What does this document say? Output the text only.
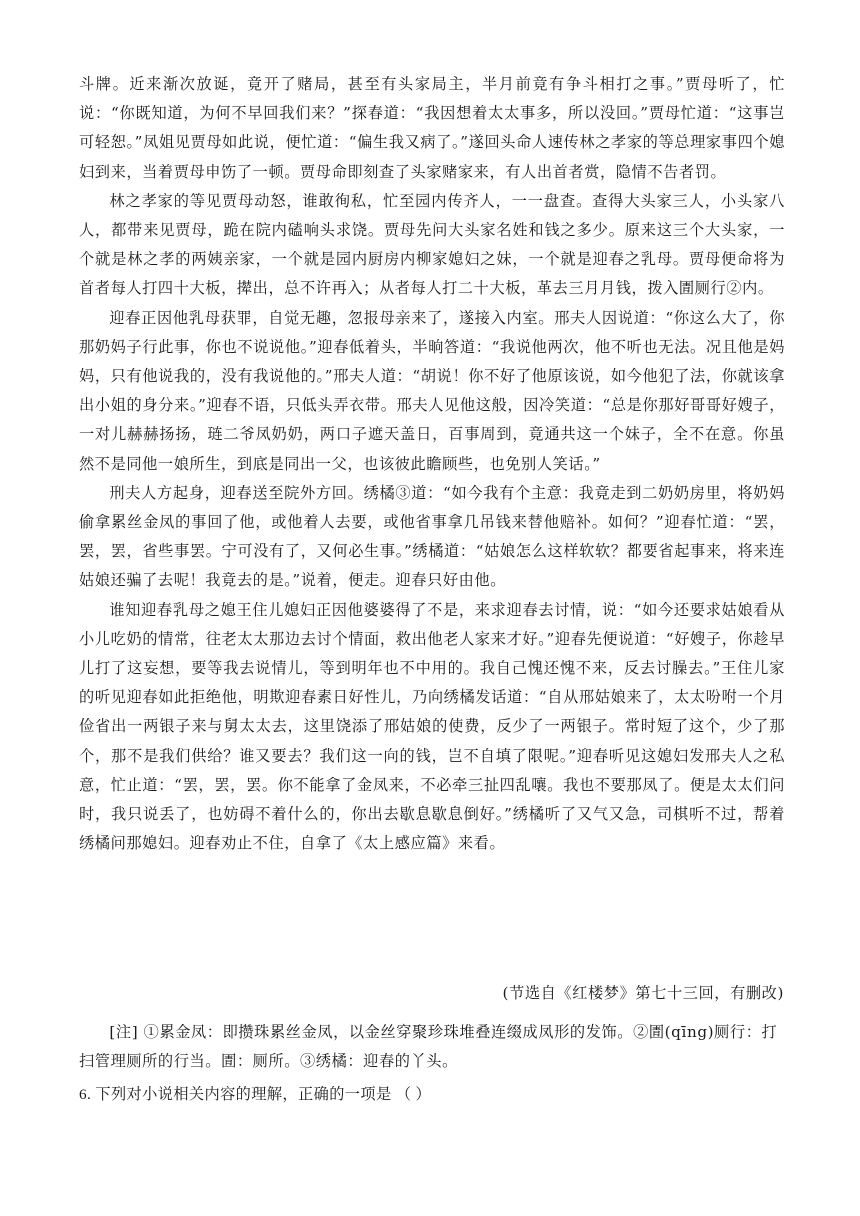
斗牌。近来渐次放诞，竟开了赌局，甚至有头家局主，半月前竟有争斗相打之事。”贾母听了，忙说：“你既知道，为何不早回我们来？”探春道：“我因想着太太事多，所以没回。”贾母忙道：“这事岂可轻恕。”凤姐见贾母如此说，便忙道：“偏生我又病了。”遂回头命人速传林之孝家的等总理家事四个媳妇到来，当着贾母申饬了一顿。贾母命即刻查了头家赌家来，有人出首者赏，隐情不告者罚。

林之孝家的等见贾母动怒，谁敢徇私，忙至园内传齐人，一一盘查。查得大头家三人，小头家八人，都带来见贾母，跪在院内磕响头求饶。贾母先问大头家名姓和钱之多少。原来这三个大头家，一个就是林之孝的两姨亲家，一个就是园内厨房内柳家媳妇之妹，一个就是迎春之乳母。贾母便命将为首者每人打四十大板，撵出，总不许再入；从者每人打二十大板，革去三月月钱，拨入圊厕行②内。

迎春正因他乳母获罪，自觉无趣，忽报母亲来了，遂接入内室。邢夫人因说道：“你这么大了，你那奶妈子行此事，你也不说说他。”迎春低着头，半晌答道：“我说他两次，他不听也无法。况且他是妈妈，只有他说我的，没有我说他的。”邢夫人道：“胡说！你不好了他原该说，如今他犯了法，你就该拿出小姐的身分来。”迎春不语，只低头弄衣带。邢夫人见他这般，因冷笑道：“总是你那好哥哥好嫂子，一对儿赫赫扬扬，琏二爷凤奶奶，两口子遮天盖日，百事周到，竟通共这一个妹子，全不在意。你虽然不是同他一娘所生，到底是同出一父，也该彼此瞻顾些，也免别人笑话。”

刑夫人方起身，迎春送至院外方回。绣橘③道：“如今我有个主意：我竟走到二奶奶房里，将奶妈偷拿累丝金凤的事回了他，或他着人去要，或他省事拿几吊钱来替他赔补。如何？”迎春忙道：“罢，罢，罢，省些事罢。宁可没有了，又何必生事。”绣橘道：“姑娘怎么这样软软？都要省起事来，将来连姑娘还骗了去呢！我竟去的是。”说着，便走。迎春只好由他。

谁知迎春乳母之媳王住儿媳妇正因他婆婆得了不是，来求迎春去讨情，说：“如今还要求姑娘看从小儿吃奶的情常，往老太太那边去讨个情面，救出他老人家来才好。”迎春先便说道：“好嫂子，你趁早儿打了这妄想，要等我去说情儿，等到明年也不中用的。我自己愧还愧不来，反去讨臊去。”王住儿家的听见迎春如此拒绝他，明欺迎春素日好性儿，乃向绣橘发话道：“自从邢姑娘来了，太太吩咐一个月俭省出一两银子来与舅太太去，这里饶添了邢姑娘的使费，反少了一两银子。常时短了这个，少了那个，那不是我们供给？谁又要去？我们这一向的钱，岂不自填了限呢。”迎春听见这媳妇发邢夫人之私意，忙止道：“罢，罢，罢。你不能拿了金凤来，不必牵三扯四乱嚷。我也不要那凤了。便是太太们问时，我只说丢了，也妨碍不着什么的，你出去歇息歇息倒好。”绣橘听了又气又急，司棋听不过，帮着绣橘问那媳妇。迎春劝止不住，自拿了《太上感应篇》来看。

(节选自《红楼梦》第七十三回，有删改)

[注] ①累金凤：即攒珠累丝金凤，以金丝穿聚珍珠堆叠连缀成凤形的发饰。②圊(qīng)厕行：打扫管理厕所的行当。圊：厕所。③绣橘：迎春的丫头。

6. 下列对小说相关内容的理解，正确的一项是 （ ）
